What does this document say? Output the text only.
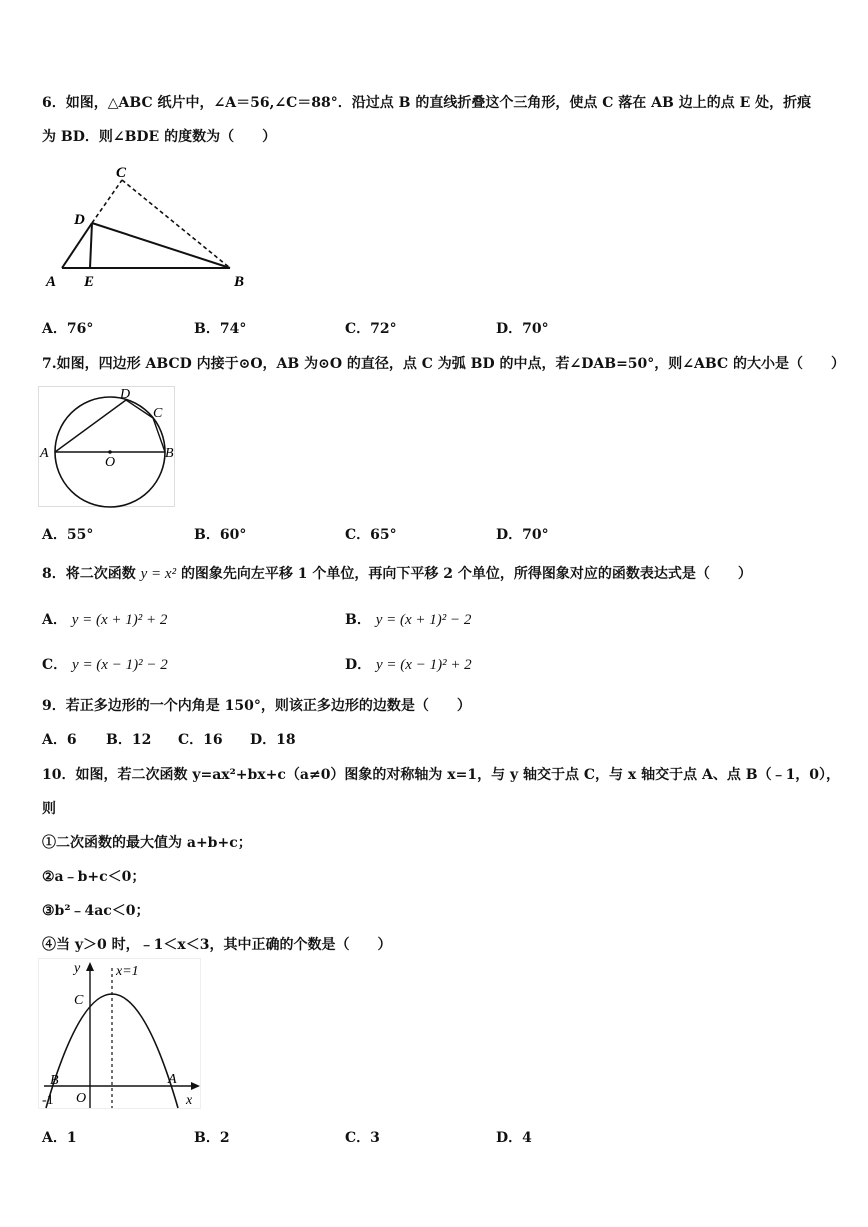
6．如图，△ABC 纸片中，∠A＝56,∠C＝88°．沿过点 B 的直线折叠这个三角形，使点 C 落在 AB 边上的点 E 处，折痕
为 BD．则∠BDE 的度数为（　　）
C
D
A E	B
A．76°	B．74°	C．72°	D．70°
7.如图，四边形 ABCD 内接于⊙O，AB 为⊙O 的直径，点 C 为弧 BD 的中点，若∠DAB=50°，则∠ABC 的大小是（　　）
D
C
A	B
O
A．55°	B．60°	C．65°	D．70°
8．将二次函数 y = x² 的图象先向左平移 1 个单位，再向下平移 2 个单位，所得图象对应的函数表达式是（　　）
A． y = (x + 1)² + 2	B． y = (x + 1)² − 2
C． y = (x − 1)² − 2	D． y = (x − 1)² + 2
9．若正多边形的一个内角是 150°，则该正多边形的边数是（　　）
A．6 B．12 C．16 D．18
10．如图，若二次函数 y=ax²+bx+c（a≠0）图象的对称轴为 x=1，与 y 轴交于点 C，与 x 轴交于点 A、点 B（﹣1，0），
则
①二次函数的最大值为 a+b+c；
②a﹣b+c＜0；
③b²﹣4ac＜0；
④当 y＞0 时，﹣1＜x＜3，其中正确的个数是（　　）
y	x=1
C
B	A
-1 O	x
A．1	B．2	C．3	D．4
